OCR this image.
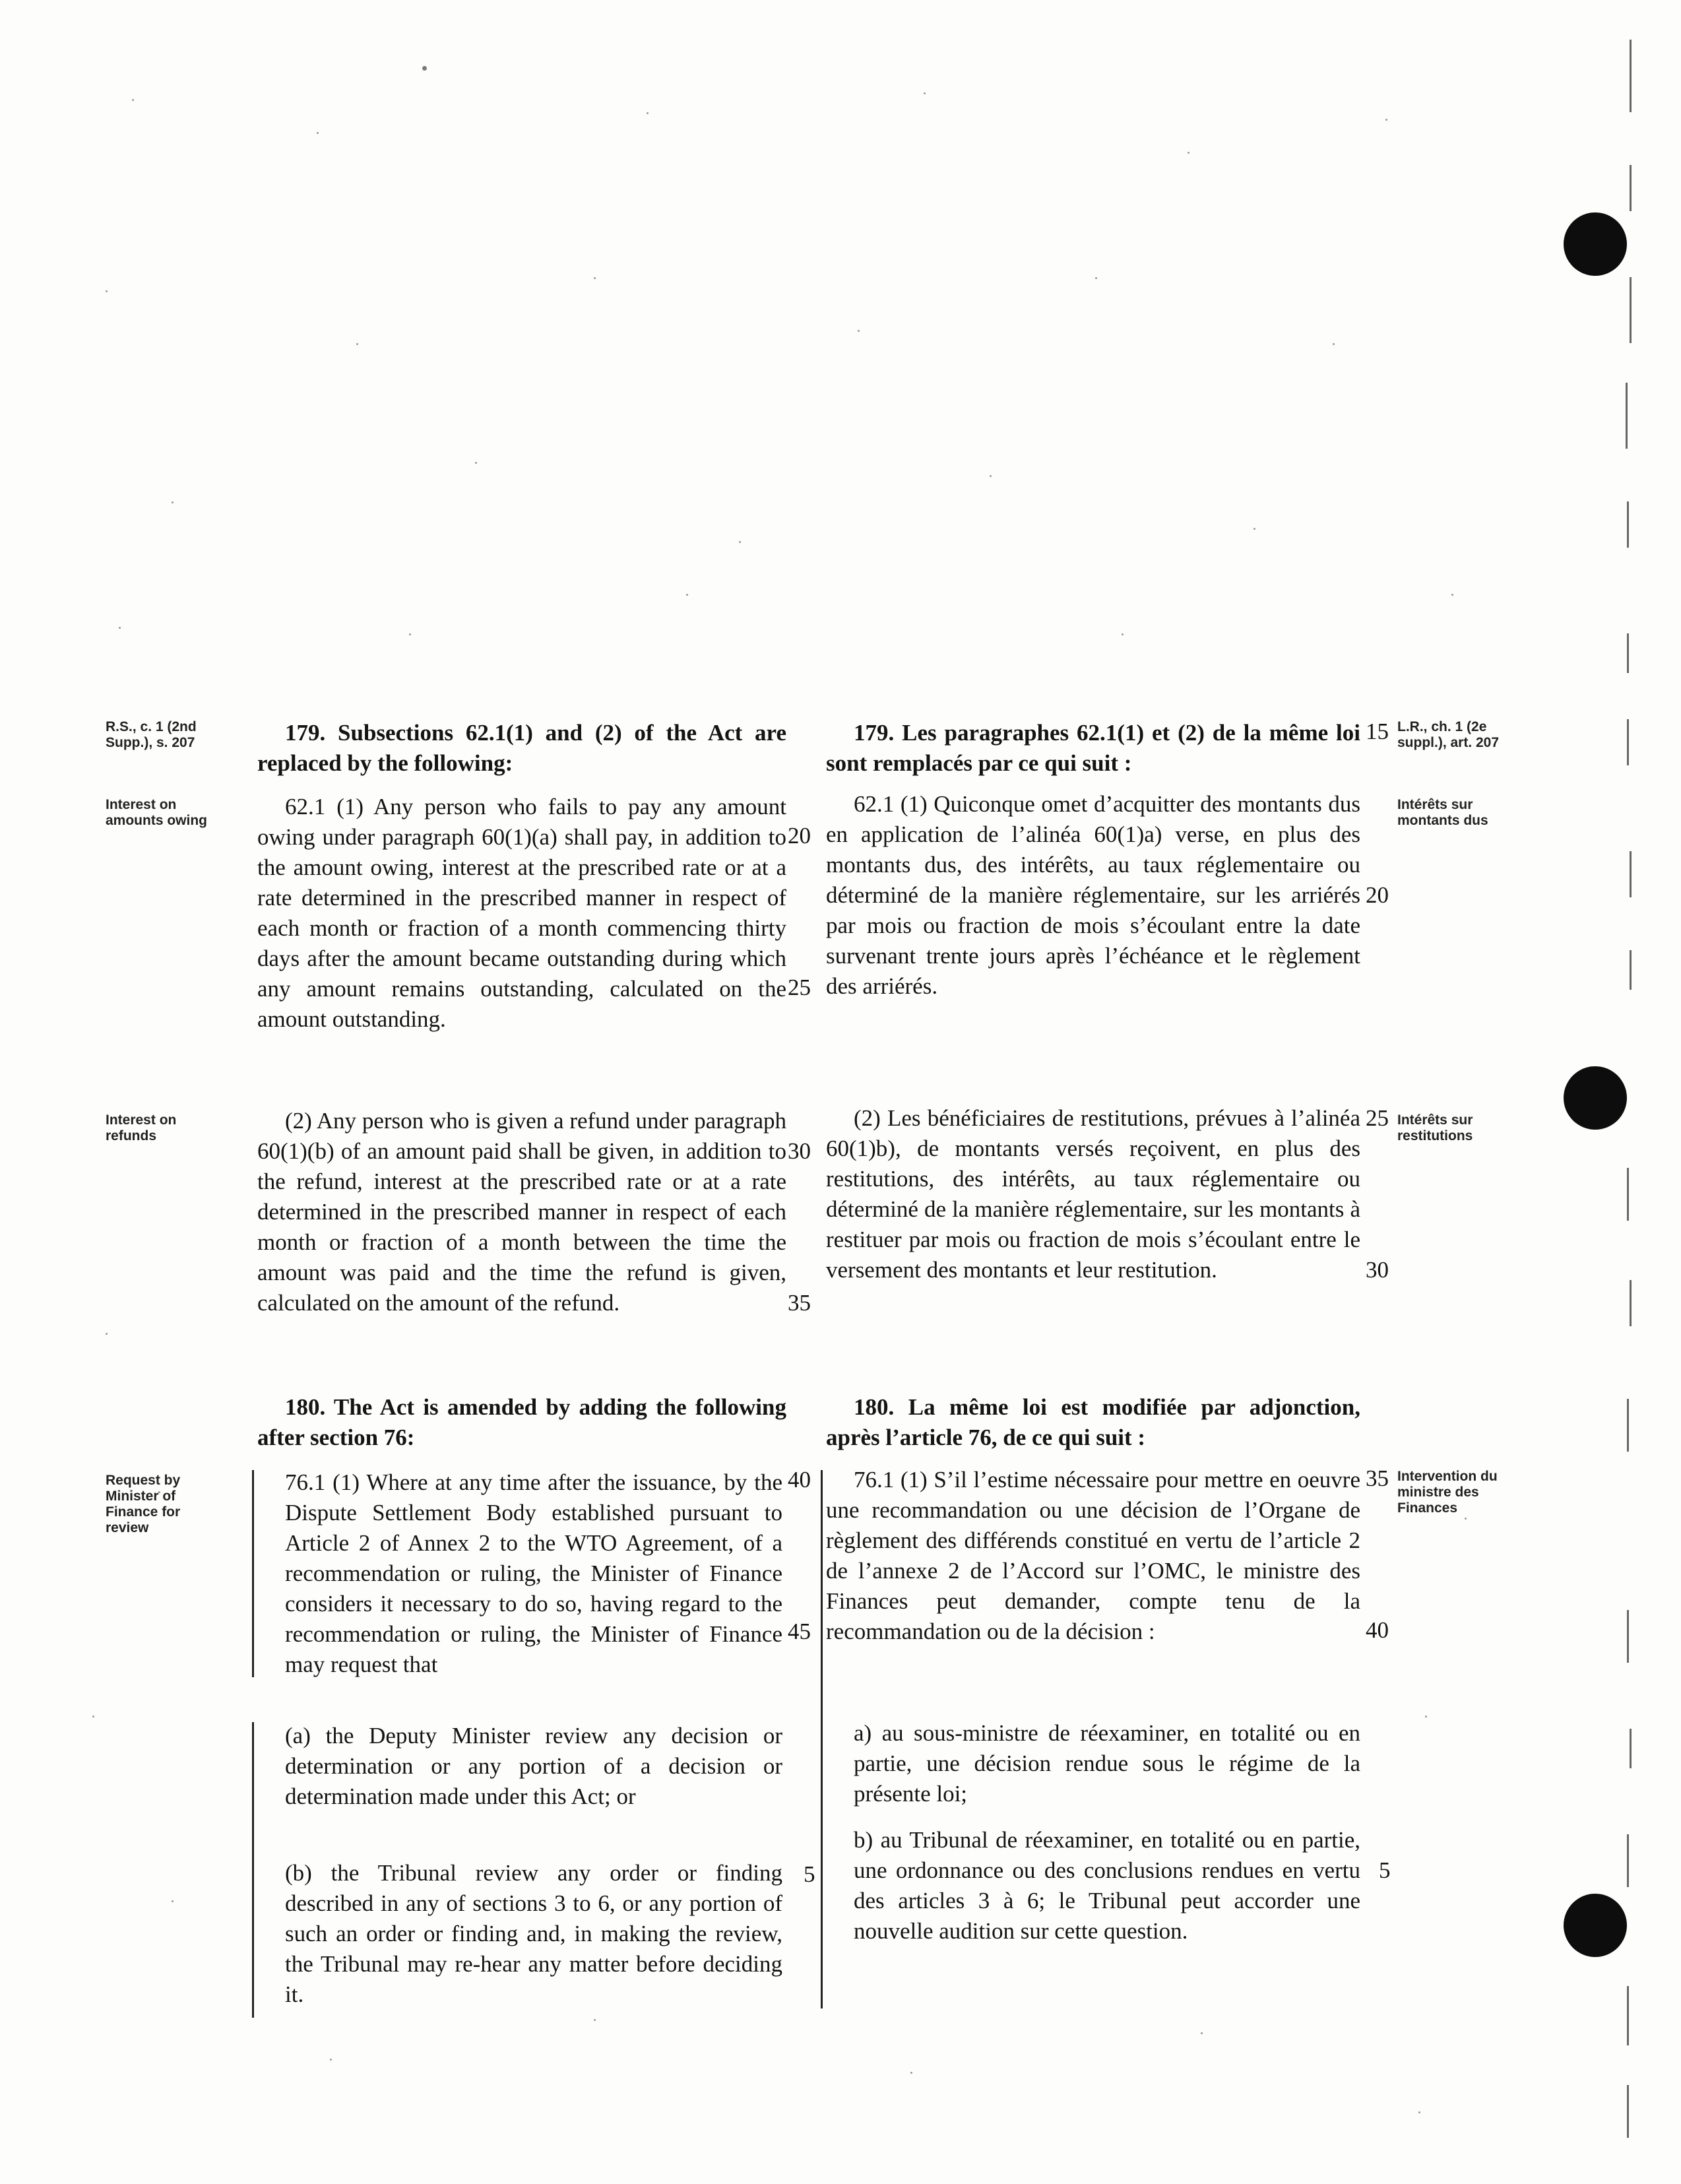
R.S., c. 1 (2nd Supp.), s. 207
L.R., ch. 1 (2e suppl.), art. 207
Interest on amounts owing
Intérêts sur montants dus
Interest on refunds
Intérêts sur restitutions
Request by Minister of Finance for review
Intervention du ministre des Finances

179. Subsections 62.1(1) and (2) of the Act are replaced by the following:

62.1 (1) Any person who fails to pay any amount owing under paragraph 60(1)(a) shall pay, in addition to the amount owing, interest at the prescribed rate or at a rate determined in the prescribed manner in respect of each month or fraction of a month commencing thirty days after the amount became outstanding during which any amount remains outstanding, calculated on the amount outstanding.

(2) Any person who is given a refund under paragraph 60(1)(b) of an amount paid shall be given, in addition to the refund, interest at the prescribed rate or at a rate determined in the prescribed manner in respect of each month or fraction of a month between the time the amount was paid and the time the refund is given, calculated on the amount of the refund.

180. The Act is amended by adding the following after section 76:

76.1 (1) Where at any time after the issuance, by the Dispute Settlement Body established pursuant to Article 2 of Annex 2 to the WTO Agreement, of a recommendation or ruling, the Minister of Finance considers it necessary to do so, having regard to the recommendation or ruling, the Minister of Finance may request that

(a) the Deputy Minister review any decision or determination or any portion of a decision or determination made under this Act; or

(b) the Tribunal review any order or finding described in any of sections 3 to 6, or any portion of such an order or finding and, in making the review, the Tribunal may re-hear any matter before deciding it.

179. Les paragraphes 62.1(1) et (2) de la même loi sont remplacés par ce qui suit :

62.1 (1) Quiconque omet d’acquitter des montants dus en application de l’alinéa 60(1)a) verse, en plus des montants dus, des intérêts, au taux réglementaire ou déterminé de la manière réglementaire, sur les arriérés par mois ou fraction de mois s’écoulant entre la date survenant trente jours après l’échéance et le règlement des arriérés.

(2) Les bénéficiaires de restitutions, prévues à l’alinéa 60(1)b), de montants versés reçoivent, en plus des restitutions, des intérêts, au taux réglementaire ou déterminé de la manière réglementaire, sur les montants à restituer par mois ou fraction de mois s’écoulant entre le versement des montants et leur restitution.

180. La même loi est modifiée par adjonction, après l’article 76, de ce qui suit :

76.1 (1) S’il l’estime nécessaire pour mettre en oeuvre une recommandation ou une décision de l’Organe de règlement des différends constitué en vertu de l’article 2 de l’annexe 2 de l’Accord sur l’OMC, le ministre des Finances peut demander, compte tenu de la recommandation ou de la décision :

a) au sous-ministre de réexaminer, en totalité ou en partie, une décision rendue sous le régime de la présente loi;

b) au Tribunal de réexaminer, en totalité ou en partie, une ordonnance ou des conclusions rendues en vertu des articles 3 à 6; le Tribunal peut accorder une nouvelle audition sur cette question.

15
20
20
25
25
30
30
35
35
40
40
45
5	5
